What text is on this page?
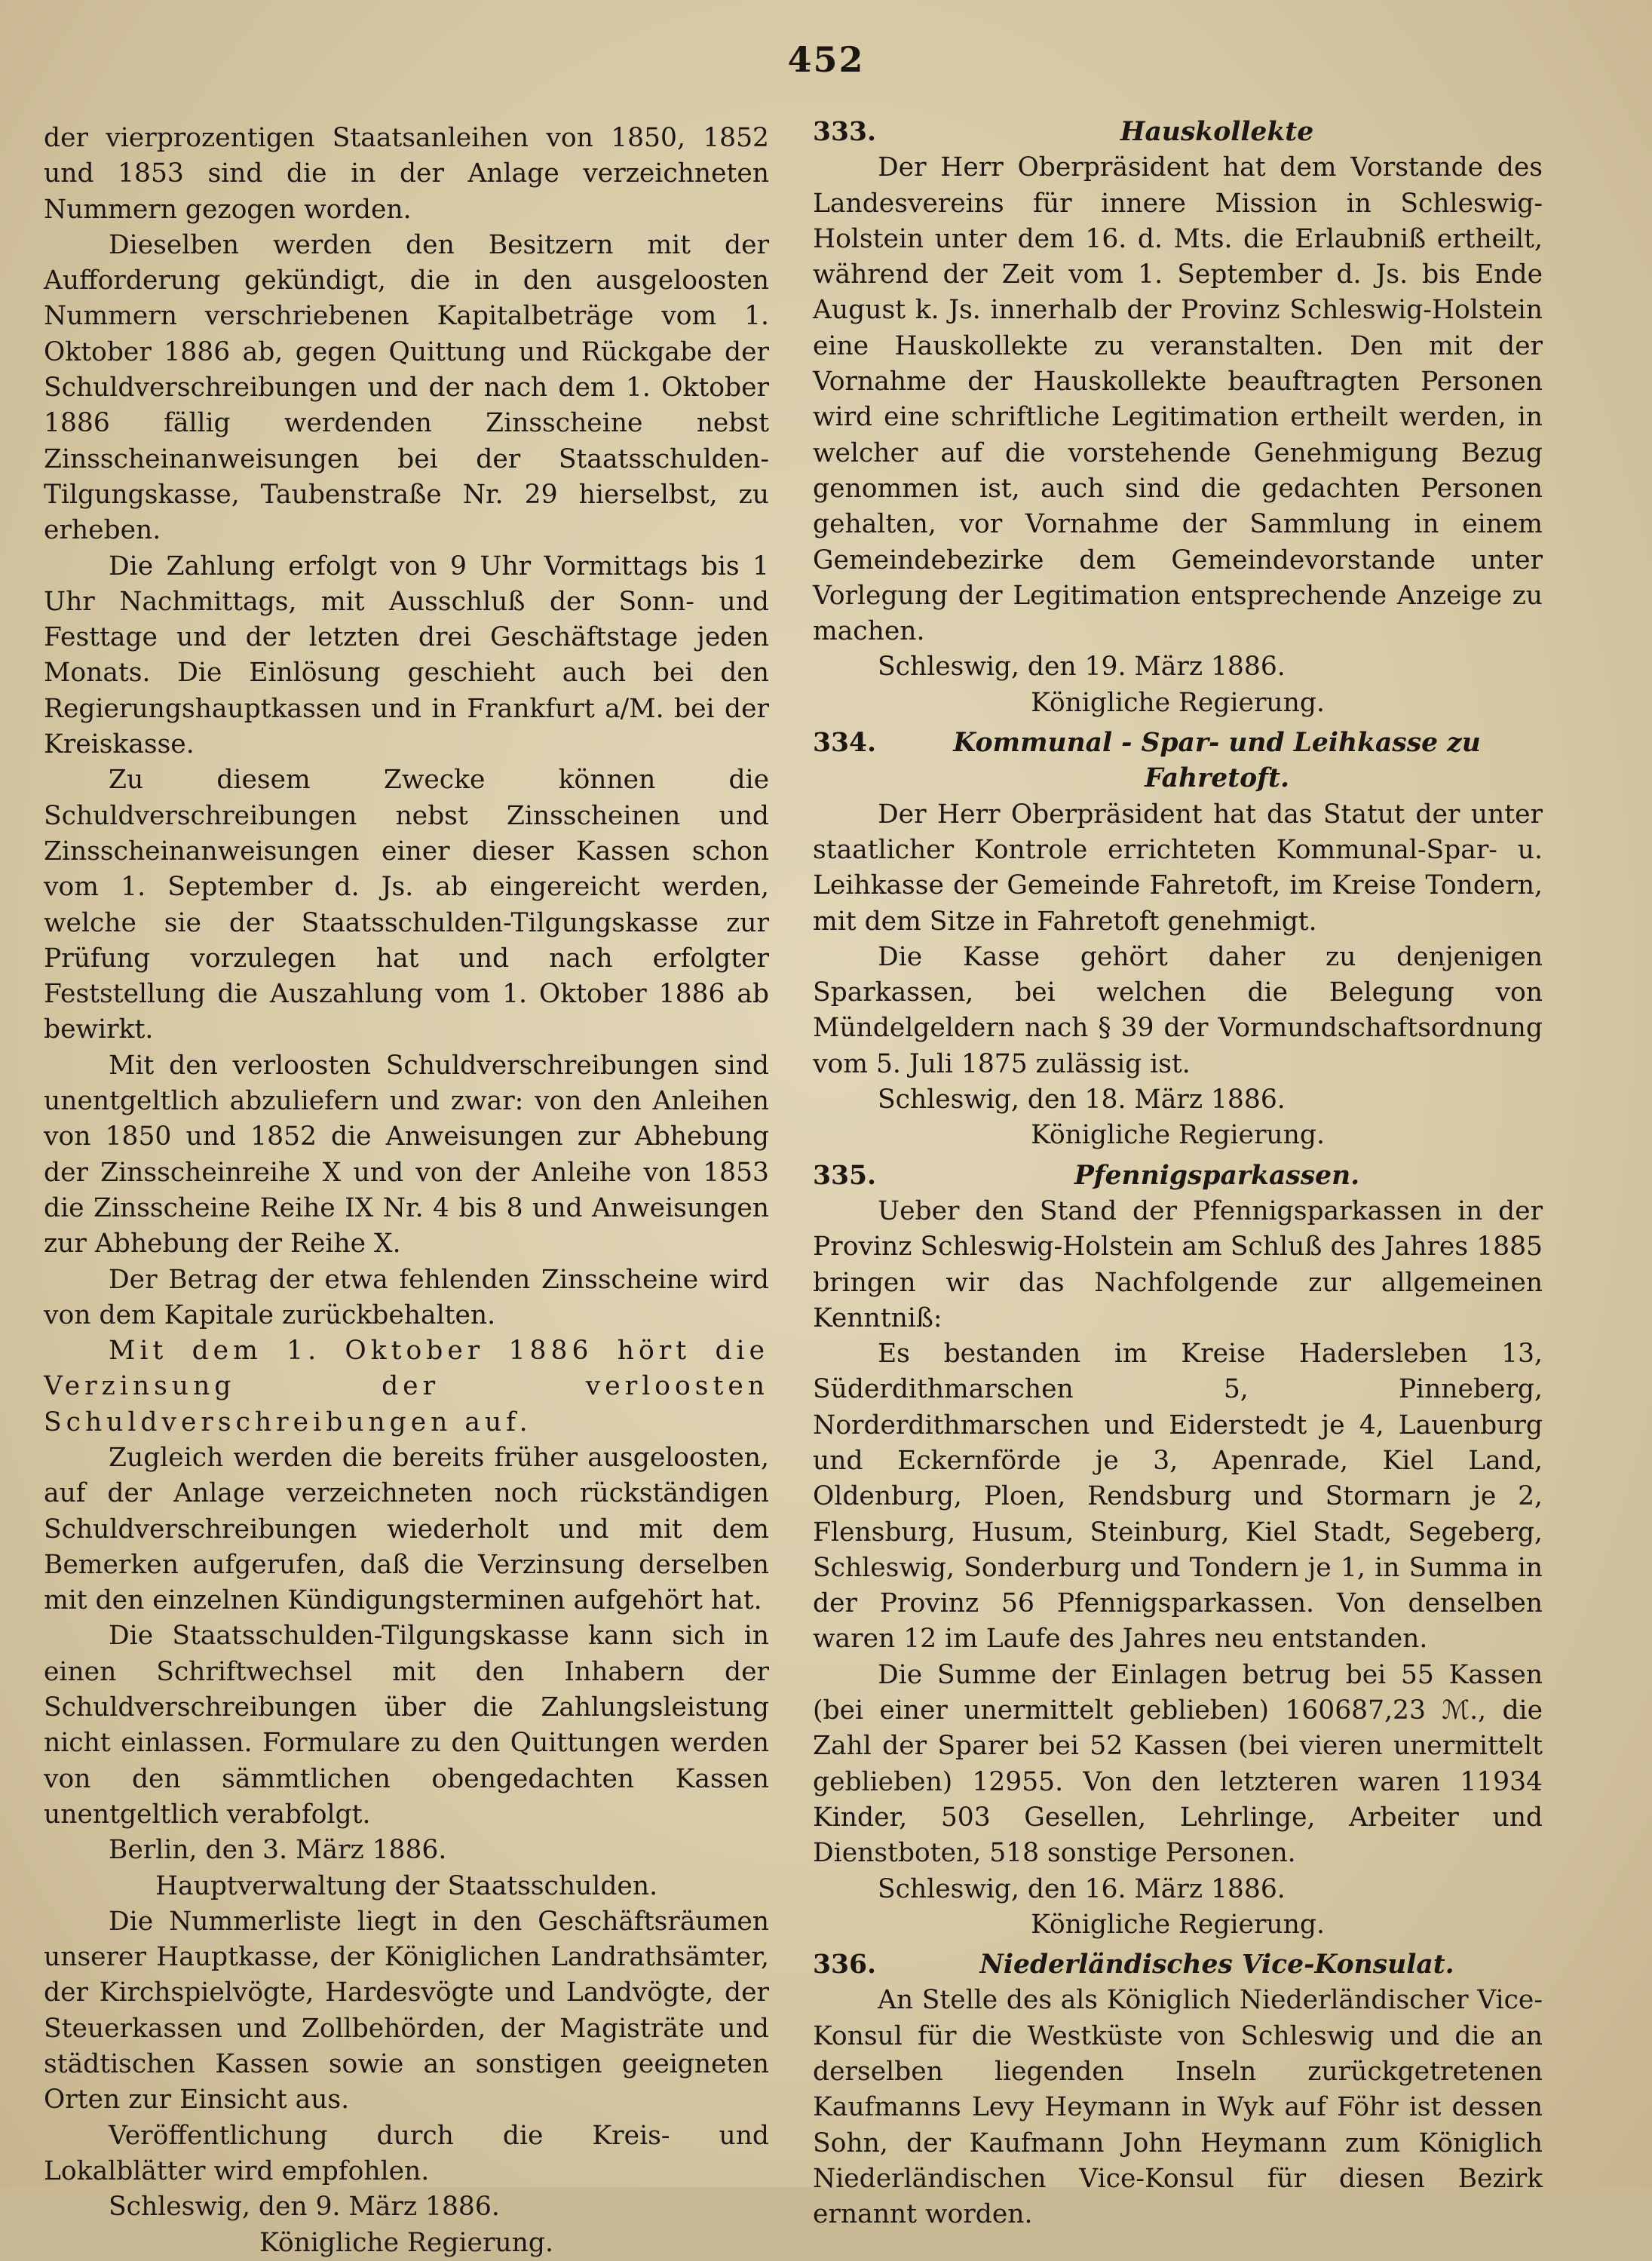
452

der vierprozentigen Staatsanleihen von 1850, 1852 und 1853 sind die in der Anlage verzeichneten Nummern gezogen worden.

Dieselben werden den Besitzern mit der Aufforderung gekündigt, die in den ausgeloosten Nummern verschriebenen Kapitalbeträge vom 1. Oktober 1886 ab, gegen Quittung und Rückgabe der Schuldverschreibungen und der nach dem 1. Oktober 1886 fällig werdenden Zinsscheine nebst Zinsscheinanweisungen bei der Staatsschulden-Tilgungskasse, Taubenstraße Nr. 29 hierselbst, zu erheben.

Die Zahlung erfolgt von 9 Uhr Vormittags bis 1 Uhr Nachmittags, mit Ausschluß der Sonn- und Festtage und der letzten drei Geschäftstage jeden Monats. Die Einlösung geschieht auch bei den Regierungshauptkassen und in Frankfurt a/M. bei der Kreiskasse.

Zu diesem Zwecke können die Schuldverschreibungen nebst Zinsscheinen und Zinsscheinanweisungen einer dieser Kassen schon vom 1. September d. Js. ab eingereicht werden, welche sie der Staatsschulden-Tilgungskasse zur Prüfung vorzulegen hat und nach erfolgter Feststellung die Auszahlung vom 1. Oktober 1886 ab bewirkt.

Mit den verloosten Schuldverschreibungen sind unentgeltlich abzuliefern und zwar: von den Anleihen von 1850 und 1852 die Anweisungen zur Abhebung der Zinsscheinreihe X und von der Anleihe von 1853 die Zinsscheine Reihe IX Nr. 4 bis 8 und Anweisungen zur Abhebung der Reihe X.

Der Betrag der etwa fehlenden Zinsscheine wird von dem Kapitale zurückbehalten.

Mit dem 1. Oktober 1886 hört die Verzinsung der verloosten Schuldverschreibungen auf.

Zugleich werden die bereits früher ausgeloosten, auf der Anlage verzeichneten noch rückständigen Schuldverschreibungen wiederholt und mit dem Bemerken aufgerufen, daß die Verzinsung derselben mit den einzelnen Kündigungsterminen aufgehört hat.

Die Staatsschulden-Tilgungskasse kann sich in einen Schriftwechsel mit den Inhabern der Schuldverschreibungen über die Zahlungsleistung nicht einlassen. Formulare zu den Quittungen werden von den sämmtlichen obengedachten Kassen unentgeltlich verabfolgt.

Berlin, den 3. März 1886.

Hauptverwaltung der Staatsschulden.

Die Nummerliste liegt in den Geschäftsräumen unserer Hauptkasse, der Königlichen Landrathsämter, der Kirchspielvögte, Hardesvögte und Landvögte, der Steuerkassen und Zollbehörden, der Magisträte und städtischen Kassen sowie an sonstigen geeigneten Orten zur Einsicht aus.

Veröffentlichung durch die Kreis- und Lokalblätter wird empfohlen.

Schleswig, den 9. März 1886.

Königliche Regierung.

333.	Hauskollekte

Der Herr Oberpräsident hat dem Vorstande des Landesvereins für innere Mission in Schleswig-Holstein unter dem 16. d. Mts. die Erlaubniß ertheilt, während der Zeit vom 1. September d. Js. bis Ende August k. Js. innerhalb der Provinz Schleswig-Holstein eine Hauskollekte zu veranstalten. Den mit der Vornahme der Hauskollekte beauftragten Personen wird eine schriftliche Legitimation ertheilt werden, in welcher auf die vorstehende Genehmigung Bezug genommen ist, auch sind die gedachten Personen gehalten, vor Vornahme der Sammlung in einem Gemeindebezirke dem Gemeindevorstande unter Vorlegung der Legitimation entsprechende Anzeige zu machen.

Schleswig, den 19. März 1886.

Königliche Regierung.

334.	Kommunal - Spar- und Leihkasse zu Fahretoft.

Der Herr Oberpräsident hat das Statut der unter staatlicher Kontrole errichteten Kommunal-Spar- u. Leihkasse der Gemeinde Fahretoft, im Kreise Tondern, mit dem Sitze in Fahretoft genehmigt.

Die Kasse gehört daher zu denjenigen Sparkassen, bei welchen die Belegung von Mündelgeldern nach § 39 der Vormundschaftsordnung vom 5. Juli 1875 zulässig ist.

Schleswig, den 18. März 1886.

Königliche Regierung.

335.	Pfennigsparkassen.

Ueber den Stand der Pfennigsparkassen in der Provinz Schleswig-Holstein am Schluß des Jahres 1885 bringen wir das Nachfolgende zur allgemeinen Kenntniß:

Es bestanden im Kreise Hadersleben 13, Süderdithmarschen 5, Pinneberg, Norderdithmarschen und Eiderstedt je 4, Lauenburg und Eckernförde je 3, Apenrade, Kiel Land, Oldenburg, Ploen, Rendsburg und Stormarn je 2, Flensburg, Husum, Steinburg, Kiel Stadt, Segeberg, Schleswig, Sonderburg und Tondern je 1, in Summa in der Provinz 56 Pfennigsparkassen. Von denselben waren 12 im Laufe des Jahres neu entstanden.

Die Summe der Einlagen betrug bei 55 Kassen (bei einer unermittelt geblieben) 160687,23 ℳ., die Zahl der Sparer bei 52 Kassen (bei vieren unermittelt geblieben) 12955. Von den letzteren waren 11934 Kinder, 503 Gesellen, Lehrlinge, Arbeiter und Dienstboten, 518 sonstige Personen.

Schleswig, den 16. März 1886.

Königliche Regierung.

336.	Niederländisches Vice-Konsulat.

An Stelle des als Königlich Niederländischer Vice-Konsul für die Westküste von Schleswig und die an derselben liegenden Inseln zurückgetretenen Kaufmanns Levy Heymann in Wyk auf Föhr ist dessen Sohn, der Kaufmann John Heymann zum Königlich Niederländischen Vice-Konsul für diesen Bezirk ernannt worden.
